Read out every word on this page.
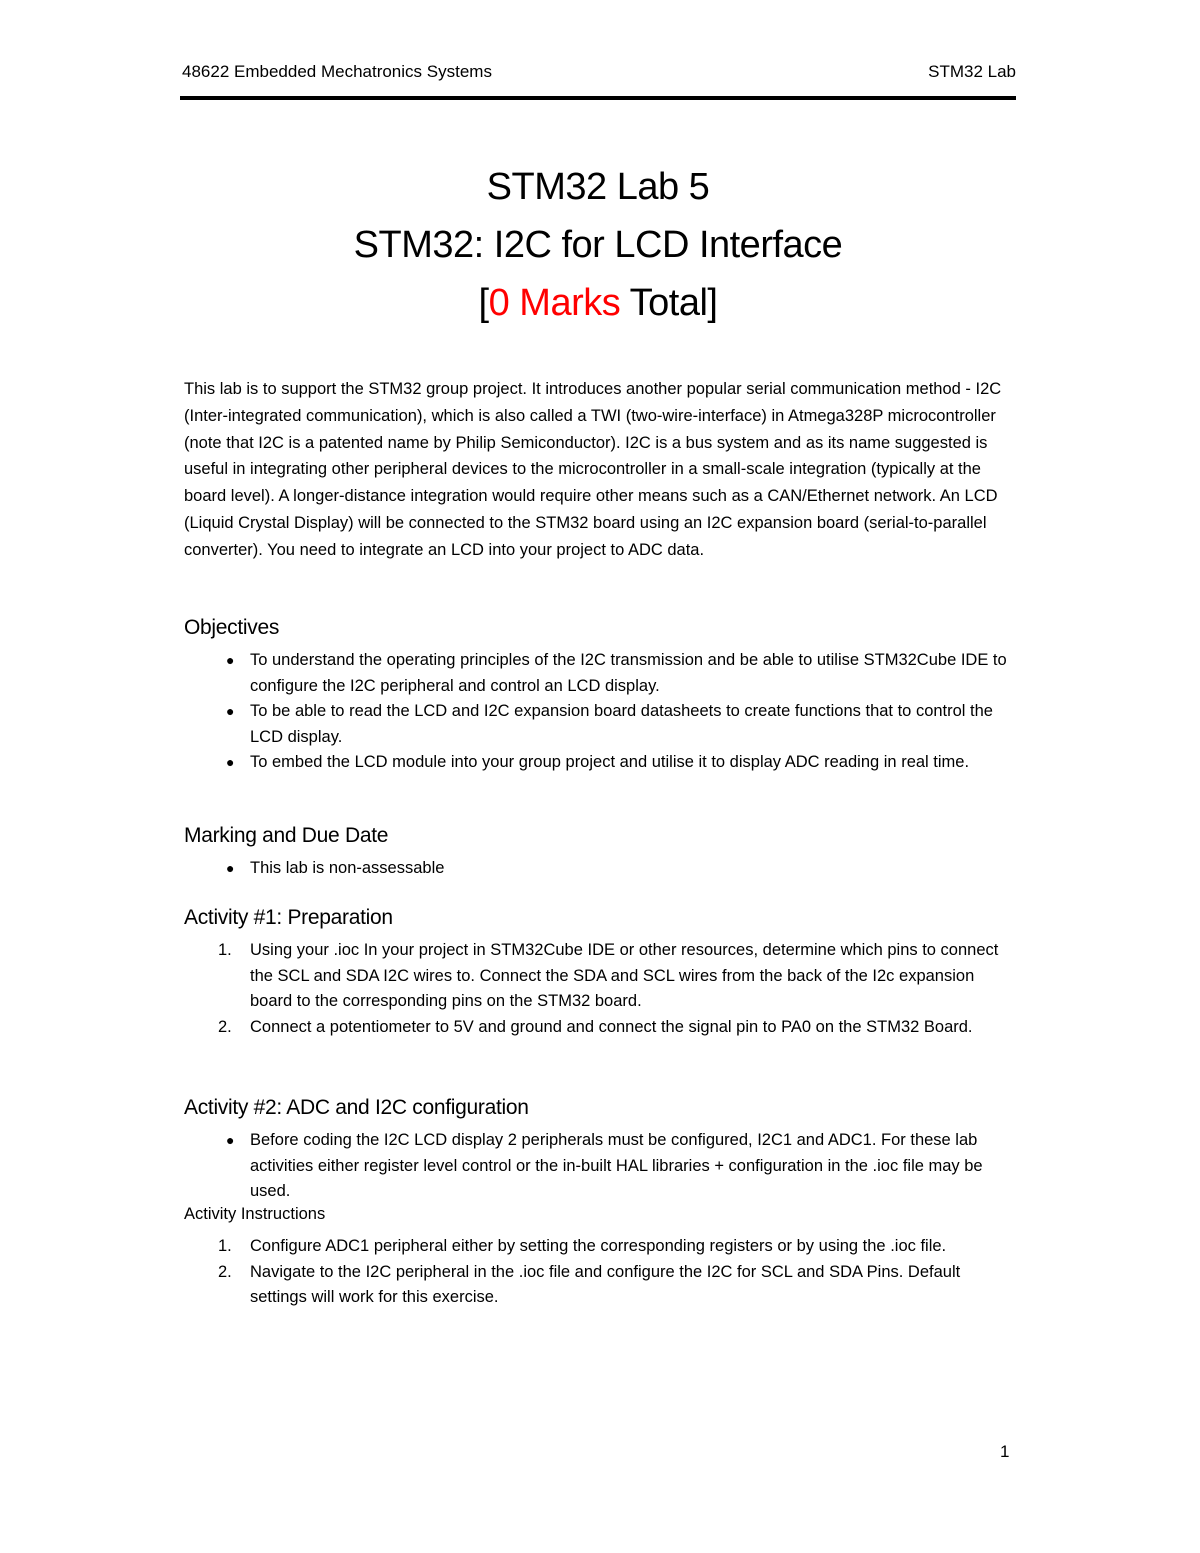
48622 Embedded Mechatronics Systems	STM32 Lab
STM32 Lab 5
STM32: I2C for LCD Interface
[0 Marks Total]
This lab is to support the STM32 group project. It introduces another popular serial communication method - I2C (Inter-integrated communication), which is also called a TWI (two-wire-interface) in Atmega328P microcontroller (note that I2C is a patented name by Philip Semiconductor). I2C is a bus system and as its name suggested is useful in integrating other peripheral devices to the microcontroller in a small-scale integration (typically at the board level). A longer-distance integration would require other means such as a CAN/Ethernet network. An LCD (Liquid Crystal Display) will be connected to the STM32 board using an I2C expansion board (serial-to-parallel converter). You need to integrate an LCD into your project to ADC data.
Objectives
● To understand the operating principles of the I2C transmission and be able to utilise STM32Cube IDE to configure the I2C peripheral and control an LCD display.
● To be able to read the LCD and I2C expansion board datasheets to create functions that to control the LCD display.
● To embed the LCD module into your group project and utilise it to display ADC reading in real time.
Marking and Due Date
● This lab is non-assessable
Activity #1: Preparation
1. Using your .ioc In your project in STM32Cube IDE or other resources, determine which pins to connect the SCL and SDA I2C wires to. Connect the SDA and SCL wires from the back of the I2c expansion board to the corresponding pins on the STM32 board.
2. Connect a potentiometer to 5V and ground and connect the signal pin to PA0 on the STM32 Board.
Activity #2: ADC and I2C configuration
● Before coding the I2C LCD display 2 peripherals must be configured, I2C1 and ADC1. For these lab activities either register level control or the in-built HAL libraries + configuration in the .ioc file may be used.
Activity Instructions
1. Configure ADC1 peripheral either by setting the corresponding registers or by using the .ioc file.
2. Navigate to the I2C peripheral in the .ioc file and configure the I2C for SCL and SDA Pins. Default settings will work for this exercise.
1
